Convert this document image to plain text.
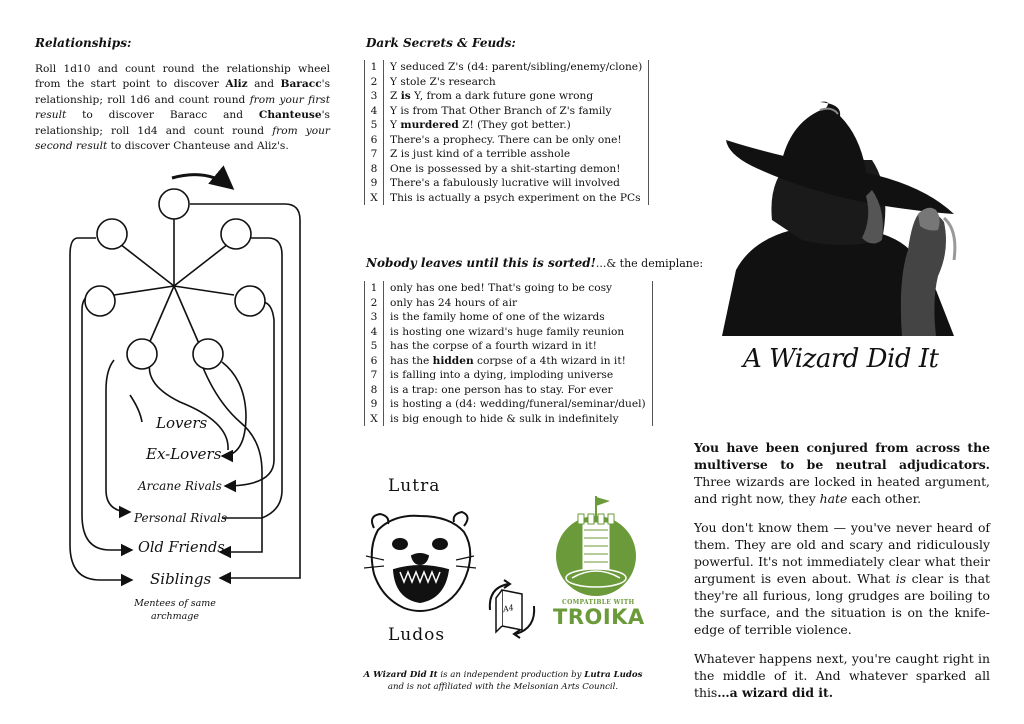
Relationships:
Roll 1d10 and count round the relationship wheel from the start point to discover Aliz and Baracc's relationship; roll 1d6 and count round from your first result to discover Baracc and Chanteuse's relationship; roll 1d4 and count round from your second result to discover Chanteuse and Aliz's.
Lovers
Ex-Lovers
Arcane Rivals
Personal Rivals
Old Friends
Siblings
Mentees of same archmage
Dark Secrets & Feuds:
1	Y seduced Z's (d4: parent/sibling/enemy/clone)
2	Y stole Z's research
3	Z is Y, from a dark future gone wrong
4	Y is from That Other Branch of Z's family
5	Y murdered Z! (They got better.)
6	There's a prophecy. There can be only one!
7	Z is just kind of a terrible asshole
8	One is possessed by a shit-starting demon!
9	There's a fabulously lucrative will involved
X	This is actually a psych experiment on the PCs
Nobody leaves until this is sorted!...& the demiplane:
1	only has one bed! That's going to be cosy
2	only has 24 hours of air
3	is the family home of one of the wizards
4	is hosting one wizard's huge family reunion
5	has the corpse of a fourth wizard in it!
6	has the hidden corpse of a 4th wizard in it!
7	is falling into a dying, imploding universe
8	is a trap: one person has to stay. For ever
9	is hosting a (d4: wedding/funeral/seminar/duel)
X	is big enough to hide & sulk in indefinitely
Lutra
Ludos
A4
COMPATIBLE WITH
TROIKA
A Wizard Did It is an independent production by Lutra Ludos
and is not affiliated with the Melsonian Arts Council.
A Wizard Did It

You have been conjured from across the multiverse to be neutral adjudicators. Three wizards are locked in heated argument, and right now, they hate each other.

You don't know them — you've never heard of them. They are old and scary and ridiculously powerful. It's not immediately clear what their argument is even about. What is clear is that they're all furious, long grudges are boiling to the surface, and the situation is on the knife-edge of terrible violence.

Whatever happens next, you're caught right in the middle of it. And whatever sparked all this…a wizard did it.
